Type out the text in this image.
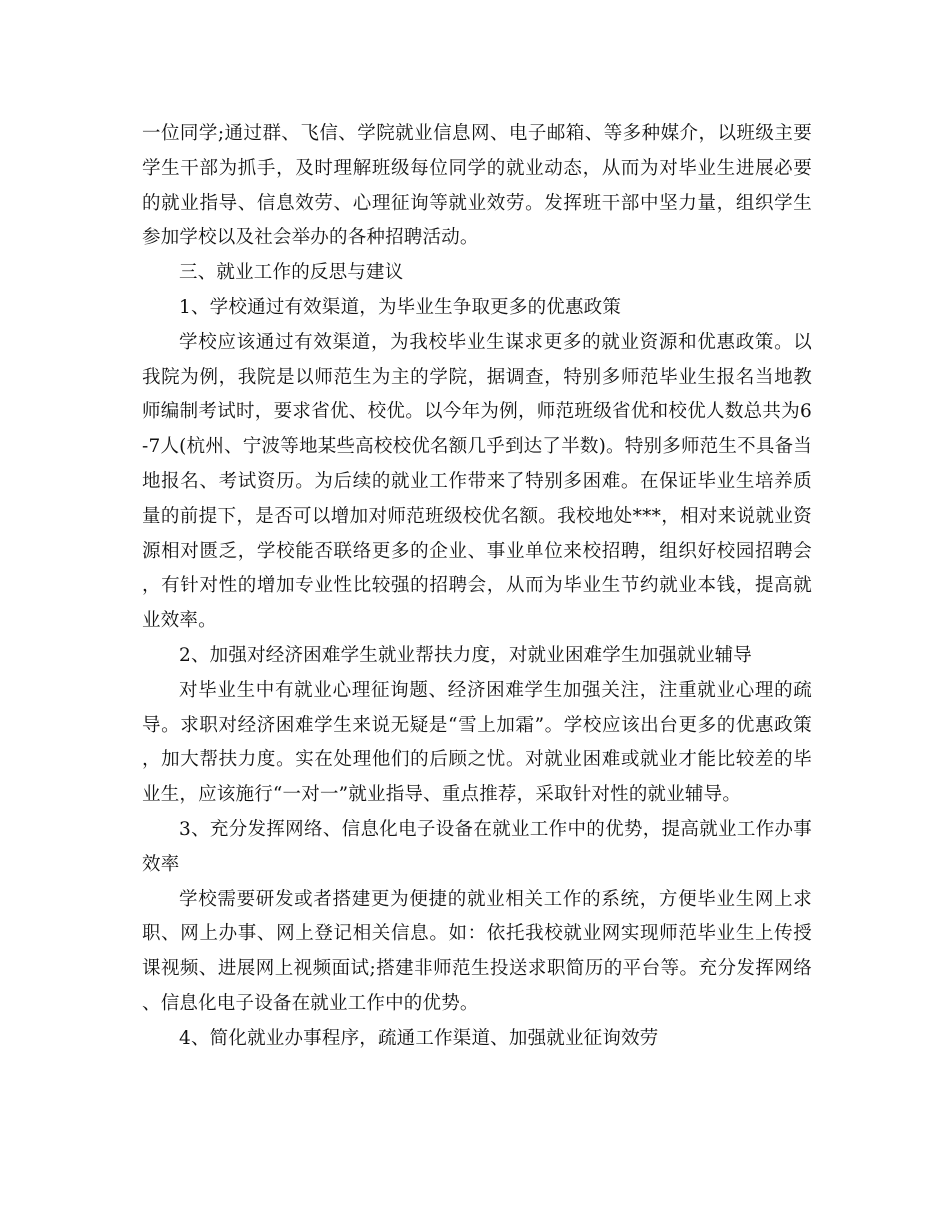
一位同学;通过群、飞信、学院就业信息网、电子邮箱、等多种媒介，以班级主要学生干部为抓手，及时理解班级每位同学的就业动态，从而为对毕业生进展必要的就业指导、信息效劳、心理征询等就业效劳。发挥班干部中坚力量，组织学生参加学校以及社会举办的各种招聘活动。

三、就业工作的反思与建议

1、学校通过有效渠道，为毕业生争取更多的优惠政策

学校应该通过有效渠道，为我校毕业生谋求更多的就业资源和优惠政策。以我院为例，我院是以师范生为主的学院，据调查，特别多师范毕业生报名当地教师编制考试时，要求省优、校优。以今年为例，师范班级省优和校优人数总共为6-7人(杭州、宁波等地某些高校校优名额几乎到达了半数)。特别多师范生不具备当地报名、考试资历。为后续的就业工作带来了特别多困难。在保证毕业生培养质量的前提下，是否可以增加对师范班级校优名额。我校地处***，相对来说就业资源相对匮乏，学校能否联络更多的企业、事业单位来校招聘，组织好校园招聘会，有针对性的增加专业性比较强的招聘会，从而为毕业生节约就业本钱，提高就业效率。

2、加强对经济困难学生就业帮扶力度，对就业困难学生加强就业辅导

对毕业生中有就业心理征询题、经济困难学生加强关注，注重就业心理的疏导。求职对经济困难学生来说无疑是“雪上加霜”。学校应该出台更多的优惠政策，加大帮扶力度。实在处理他们的后顾之忧。对就业困难或就业才能比较差的毕业生，应该施行“一对一”就业指导、重点推荐，采取针对性的就业辅导。

3、充分发挥网络、信息化电子设备在就业工作中的优势，提高就业工作办事效率

学校需要研发或者搭建更为便捷的就业相关工作的系统，方便毕业生网上求职、网上办事、网上登记相关信息。如：依托我校就业网实现师范毕业生上传授课视频、进展网上视频面试;搭建非师范生投送求职简历的平台等。充分发挥网络、信息化电子设备在就业工作中的优势。

4、简化就业办事程序，疏通工作渠道、加强就业征询效劳
